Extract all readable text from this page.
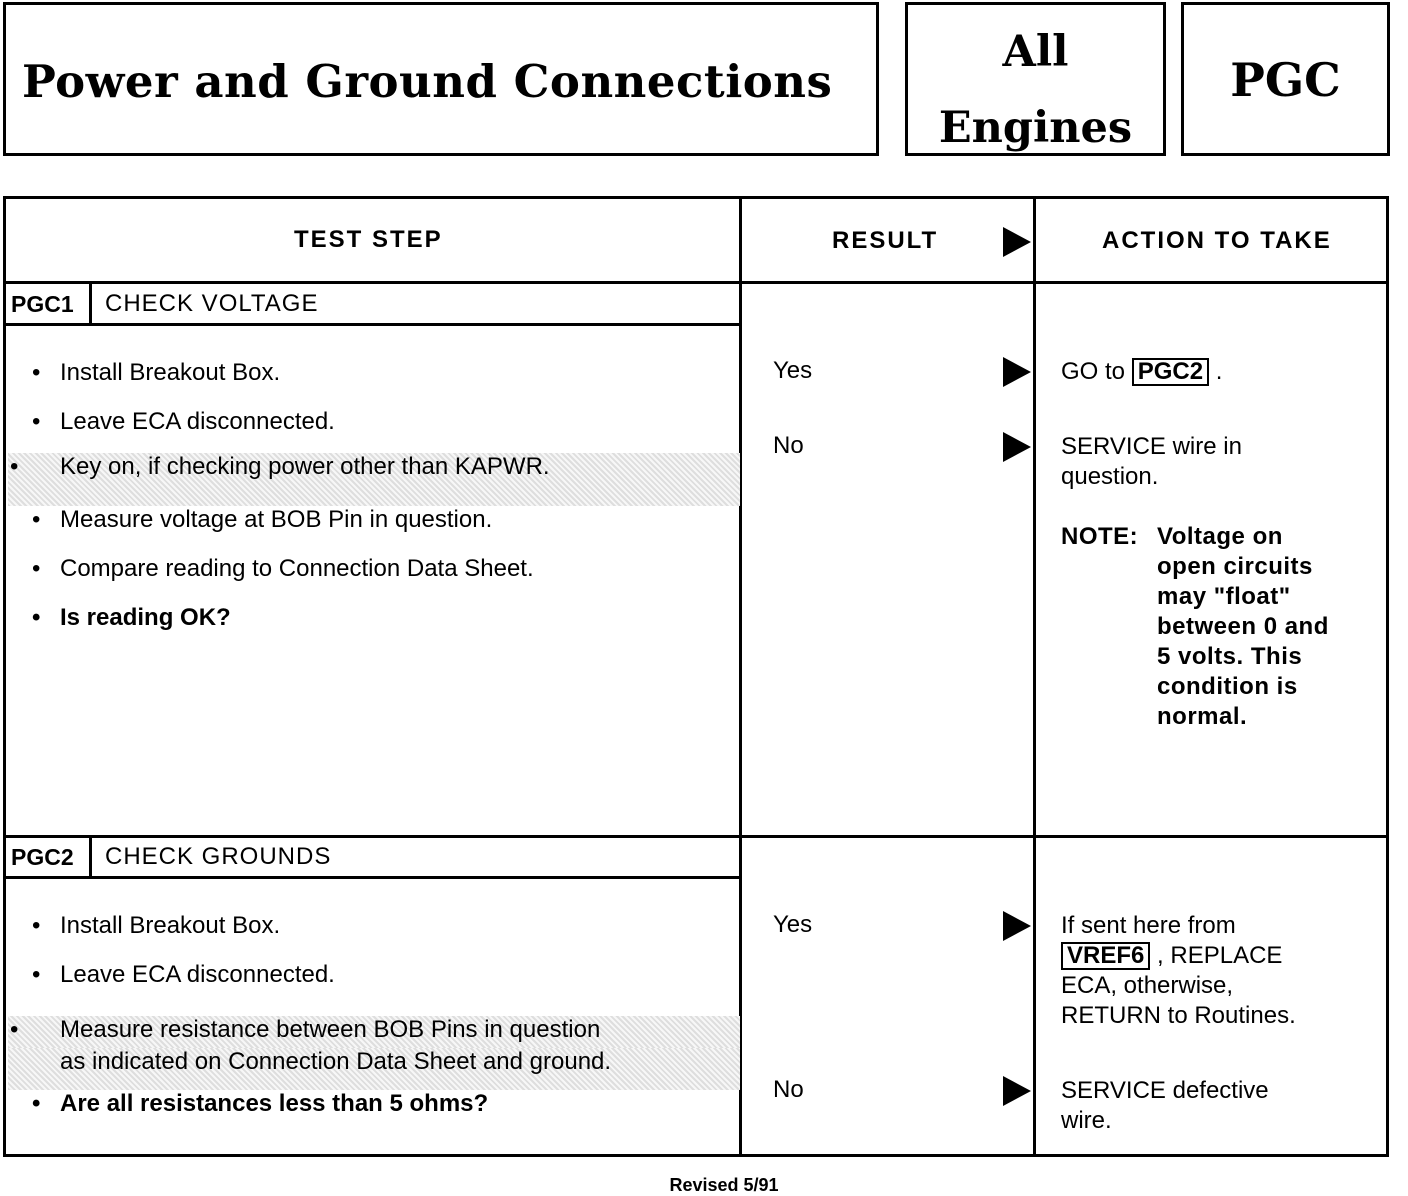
Power and Ground Connections
All
Engines
PGC
TEST STEP	RESULT	ACTION TO TAKE
PGC1 CHECK VOLTAGE
• Install Breakout Box.
• Leave ECA disconnected.
• Key on, if checking power other than KAPWR.
• Measure voltage at BOB Pin in question.
• Compare reading to Connection Data Sheet.
• Is reading OK?
Yes
No
GO to PGC2 .
SERVICE wire in
question.
NOTE: Voltage on
open circuits
may "float"
between 0 and
5 volts. This
condition is
normal.
PGC2 CHECK GROUNDS
• Install Breakout Box.
• Leave ECA disconnected.
• Measure resistance between BOB Pins in question
as indicated on Connection Data Sheet and ground.
• Are all resistances less than 5 ohms?
Yes
No
If sent here from
VREF6 , REPLACE
ECA, otherwise,
RETURN to Routines.
SERVICE defective
wire.
Revised 5/91
